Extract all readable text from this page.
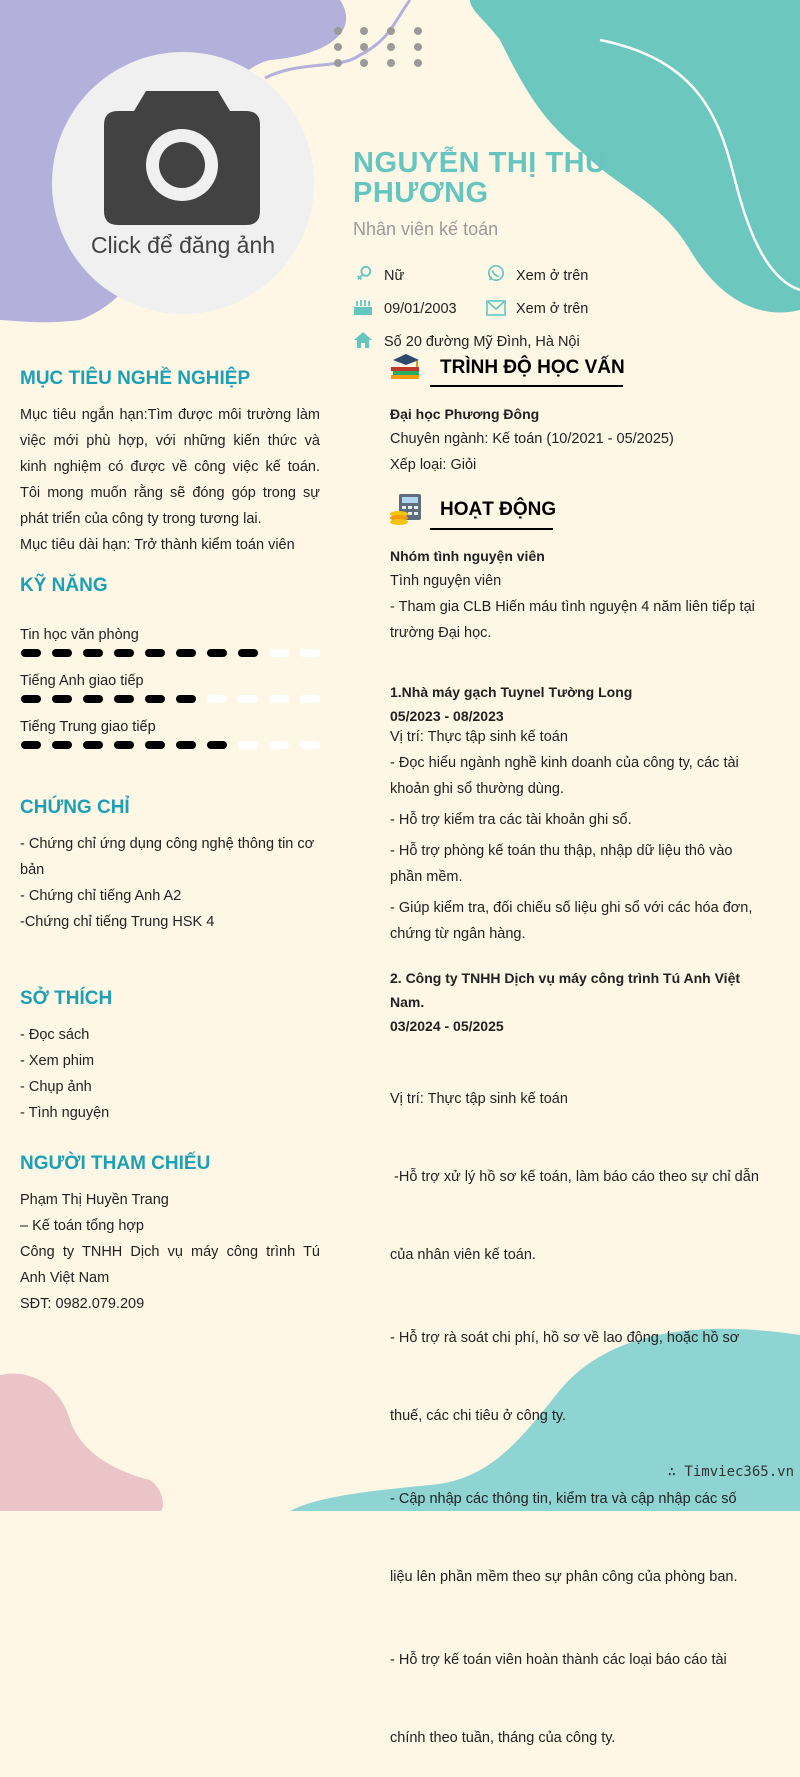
Click để đăng ảnh
NGUYỄN THỊ THU PHƯƠNG
Nhân viên kế toán
Nữ	Xem ở trên
09/01/2003	Xem ở trên
Số 20 đường Mỹ Đình, Hà Nội
MỤC TIÊU NGHỀ NGHIỆP
Mục tiêu ngắn hạn:Tìm được môi trường làm
việc mới phù hợp, với những kiến thức và
kinh nghiệm có được về công việc kế toán.
Tôi mong muốn rằng sẽ đóng góp trong sự
phát triển của công ty trong tương lai.
Mục tiêu dài hạn: Trở thành kiểm toán viên
KỸ NĂNG
Tin học văn phòng
Tiếng Anh giao tiếp
Tiếng Trung giao tiếp
CHỨNG CHỈ
- Chứng chỉ ứng dụng công nghệ thông tin cơ
bản
- Chứng chỉ tiếng Anh A2
-Chứng chỉ tiếng Trung HSK 4
SỞ THÍCH
- Đọc sách
- Xem phim
- Chụp ảnh
- Tình nguyện
NGƯỜI THAM CHIẾU
Phạm Thị Huyền Trang
– Kế toán tổng hợp
Công ty TNHH Dịch vụ máy công trình Tú
Anh Việt Nam
SĐT: 0982.079.209
TRÌNH ĐỘ HỌC VẤN
Đại học Phương Đông
Chuyên ngành: Kế toán (10/2021 - 05/2025)
Xếp loại: Giỏi
HOẠT ĐỘNG
Nhóm tình nguyện viên
Tình nguyện viên
- Tham gia CLB Hiến máu tình nguyện 4 năm liên tiếp tại
trường Đại học.
1.Nhà máy gạch Tuynel Tường Long
05/2023 - 08/2023
Vị trí: Thực tập sinh kế toán
- Đọc hiểu ngành nghề kinh doanh của công ty, các tài
khoản ghi sổ thường dùng.
- Hỗ trợ kiểm tra các tài khoản ghi sổ.
- Hỗ trợ phòng kế toán thu thập, nhập dữ liệu thô vào
phần mềm.
- Giúp kiểm tra, đối chiếu số liệu ghi sổ với các hóa đơn,
chứng từ ngân hàng.
2. Công ty TNHH Dịch vụ máy công trình Tú Anh Việt
Nam.
03/2024 - 05/2025

Vị trí: Thực tập sinh kế toán

-Hỗ trợ xử lý hồ sơ kế toán, làm báo cáo theo sự chỉ dẫn

của nhân viên kế toán.

- Hỗ trợ rà soát chi phí, hồ sơ về lao động, hoặc hồ sơ

thuế, các chi tiêu ở công ty.

- Cập nhập các thông tin, kiểm tra và cập nhập các số

liệu lên phần mềm theo sự phân công của phòng ban.

- Hỗ trợ kế toán viên hoàn thành các loại báo cáo tài

chính theo tuần, tháng của công ty.

∴ Timviec365.vn
